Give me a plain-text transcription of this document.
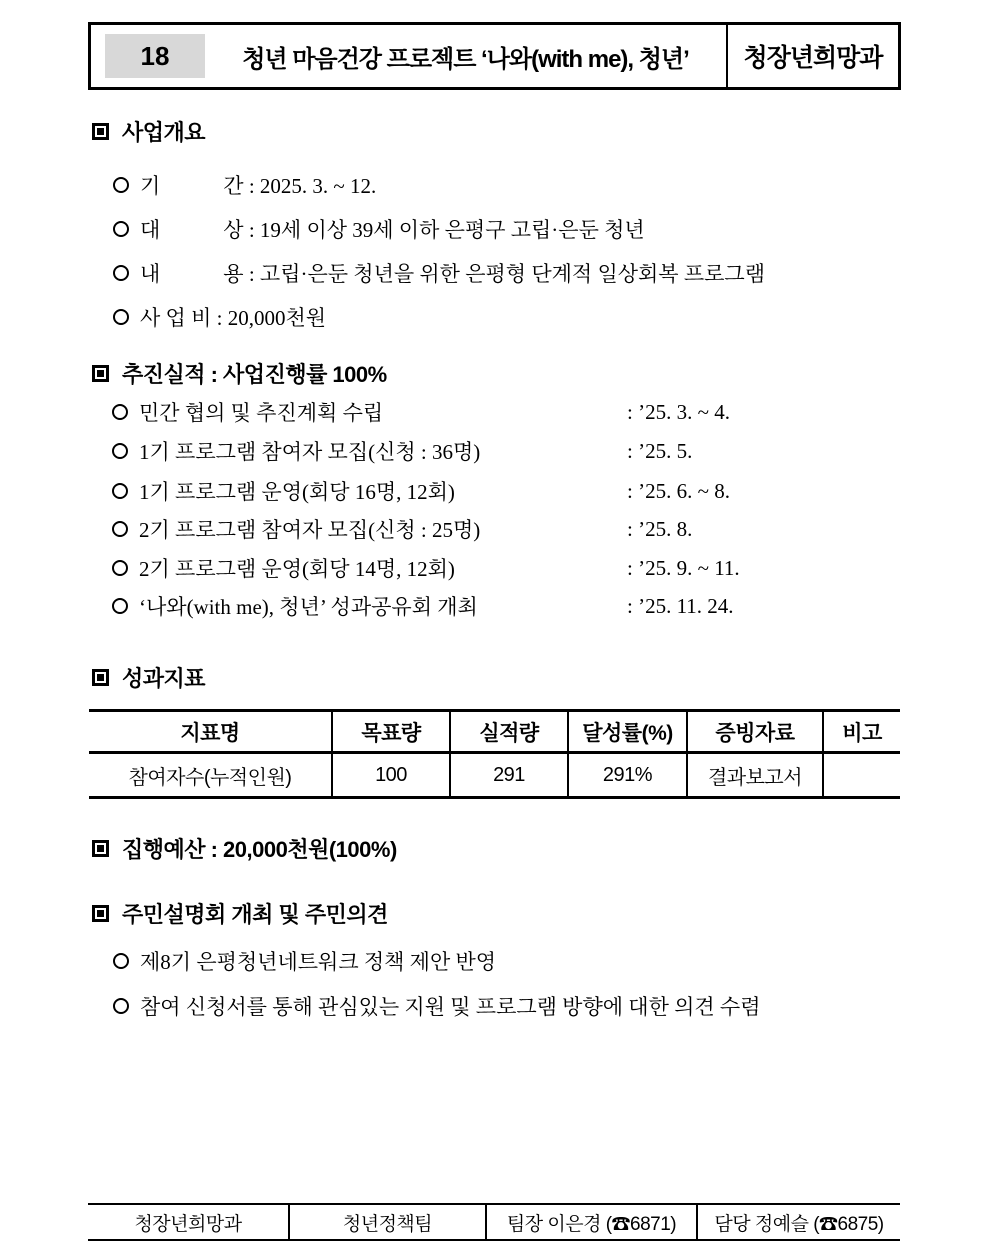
18	청년 마음건강 프로젝트 ‘나와(with me), 청년’	청장년희망과
사업개요
기　　　간 : 2025. 3. ~ 12.
대　　　상 : 19세 이상 39세 이하 은평구 고립·은둔 청년
내　　　용 : 고립·은둔 청년을 위한 은평형 단계적 일상회복 프로그램
사 업 비 : 20,000천원
추진실적 : 사업진행률 100%
민간 협의 및 추진계획 수립	: ’25. 3. ~ 4.
1기 프로그램 참여자 모집(신청 : 36명)	: ’25. 5.
1기 프로그램 운영(회당 16명, 12회)	: ’25. 6. ~ 8.
2기 프로그램 참여자 모집(신청 : 25명)	: ’25. 8.
2기 프로그램 운영(회당 14명, 12회)	: ’25. 9. ~ 11.
‘나와(with me), 청년’ 성과공유회 개최	: ’25. 11. 24.
성과지표
지표명	목표량	실적량	달성률(%)	증빙자료	비고
참여자수(누적인원)	100	291	291%	결과보고서	
집행예산 : 20,000천원(100%)
주민설명회 개최 및 주민의견
제8기 은평청년네트워크 정책 제안 반영
참여 신청서를 통해 관심있는 지원 및 프로그램 방향에 대한 의견 수렴
청장년희망과	청년정책팀	팀장 이은경 (☎6871)	담당 정예슬 (☎6875)
